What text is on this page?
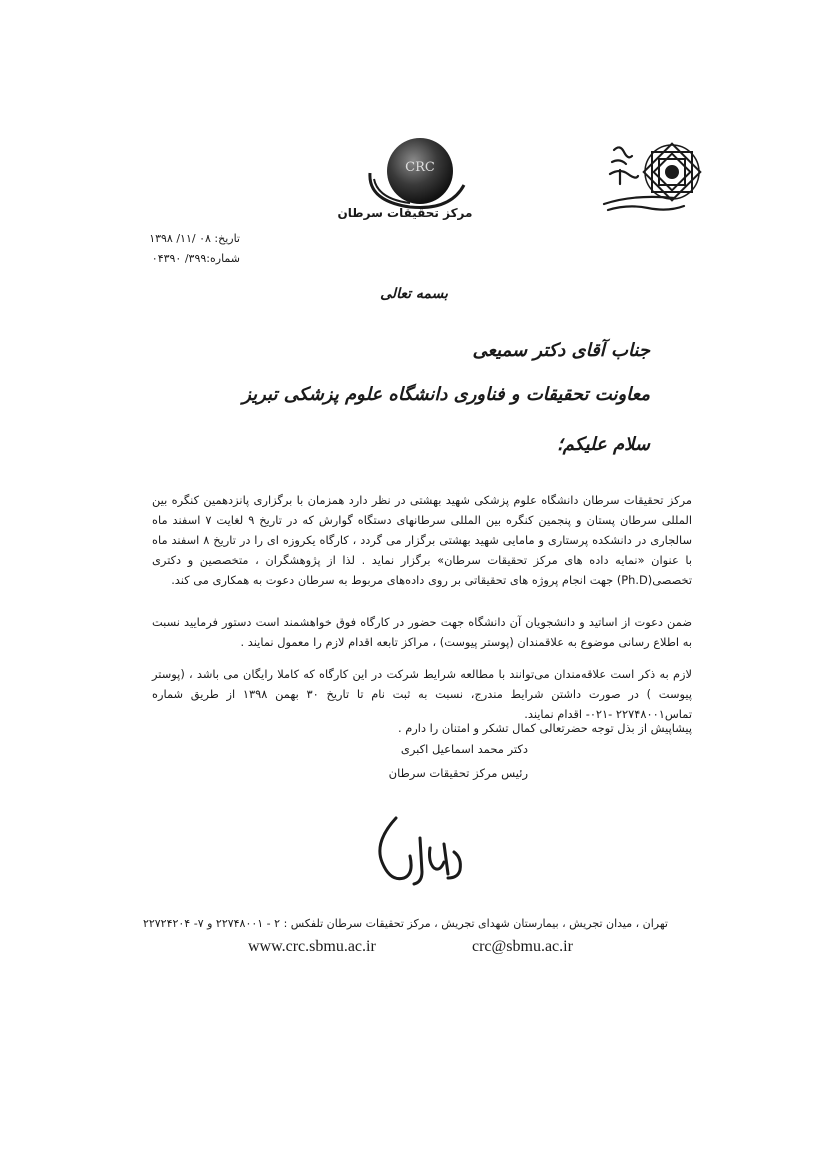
CRC
مرکز تحقیقات سرطان
تاریخ: ۰۸ /۱۱/ ۱۳۹۸
شماره:۳۹۹/ ۰۴۳۹۰
بسمه تعالی
جناب آقای دکتر سمیعی
معاونت تحقیقات و فناوری دانشگاه علوم پزشکی تبریز
سلام علیکم؛
مرکز تحقیقات سرطان دانشگاه علوم پزشکی شهید بهشتی در نظر دارد همزمان با برگزاری پانزدهمین کنگره بین المللی سرطان پستان و پنجمین کنگره بین المللی سرطانهای دستگاه گوارش که در تاریخ ۹ لغایت ۷ اسفند ماه سالجاری در دانشکده پرستاری و مامایی شهید بهشتی برگزار می گردد ، کارگاه یکروزه ای را در تاریخ ۸ اسفند ماه با عنوان «نمایه داده های مرکز تحقیقات سرطان» برگزار نماید . لذا از پژوهشگران ، متخصصین و دکتری تخصصی(Ph.D) جهت انجام پروژه های تحقیقاتی بر روی داده‌های مربوط به سرطان دعوت به همکاری می کند.
ضمن دعوت از اساتید و دانشجویان آن دانشگاه جهت حضور در کارگاه فوق خواهشمند است دستور فرمایید نسبت به اطلاع رسانی موضوع به علاقمندان (پوستر پیوست) ، مراکز تابعه اقدام لازم را معمول نمایند .
لازم به ذکر است علاقه‌مندان می‌توانند با مطالعه شرایط شرکت در این کارگاه که کاملا رایگان می باشد ، (پوستر پیوست ) در صورت داشتن شرایط مندرج، نسبت به ثبت نام تا تاریخ ۳۰ بهمن ۱۳۹۸ از طریق شماره تماس۲۲۷۴۸۰۰۱ -۰۲۱- اقدام نمایند.
پیشاپیش از بذل توجه حضرتعالی کمال تشکر و امتنان را دارم .
دکتر محمد اسماعیل اکبری
رئیس مرکز تحقیقات سرطان
تهران ، میدان تجریش ، بیمارستان شهدای تجریش ، مرکز تحقیقات سرطان تلفکس : ۲ - ۲۲۷۴۸۰۰۱ و ۷- ۲۲۷۲۴۲۰۴
www.crc.sbmu.ac.ir	crc@sbmu.ac.ir
